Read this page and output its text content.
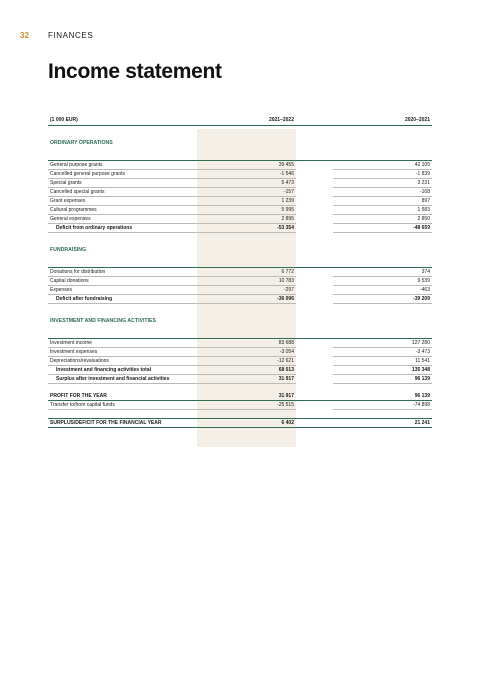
32 FINANCES
Income statement
(1 000 EUR)	2021–2022		2020–2021
ORDINARY OPERATIONS			
General purpose grants	39 455		42 105
Cancelled general purpose grants	-1 546		-1 839
Special grants	5 473		3 231
Cancelled special grants	-157		-168
Grant expenses	1 239		897
Cultural programmes	5 995		1 583
General expenses	2 895		2 850
Deficit from ordinary operations	-53 354		-48 659
FUNDRAISING			
Donations for distribution	6 772		374
Capital donations	10 783		9 539
Expenses	-297		-463
Deficit after fundraising	-36 096		-39 209
INVESTMENT AND FINANCING ACTIVITIES			
Investment income	83 688		127 280
Investment expenses	-3 054		-3 473
Depreciations/revaluations	-12 621		11 541
Investment and financing activities total	68 013		135 348
Surplus after investment and financial activities	31 917		96 139

PROFIT FOR THE YEAR	31 917		96 139
Transfer to/from capital funds	-25 515		-74 898

SURPLUS/DEFICIT FOR THE FINANCIAL YEAR	6 402		21 241
